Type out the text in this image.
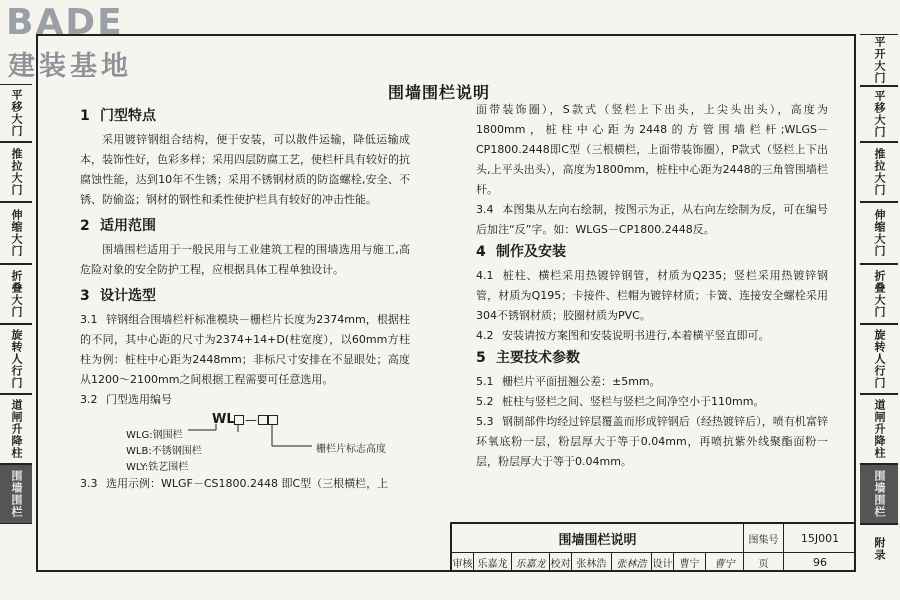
BADE
建装基地
平移大门
推拉大门
伸缩大门
折叠大门
旋转人行门
道闸升降柱
围墙围栏
围墙围栏说明
1 门型特点

采用镀锌钢组合结构，便于安装，可以散件运输，降低运输成本，装饰性好，色彩多样；采用四层防腐工艺，使栏杆具有较好的抗腐蚀性能，达到10年不生锈；采用不锈钢材质的防盗螺栓,安全、不锈、防偷盗；钢材的钢性和柔性使护栏具有较好的冲击性能。

2 适用范围

围墙围栏适用于一般民用与工业建筑工程的围墙选用与施工,高危险对象的安全防护工程，应根据具体工程单独设计。

3 设计选型

3.1 锌钢组合围墙栏杆标准模块－栅栏片长度为2374mm，根据柱的不同，其中心距的尺寸为2374+14+D(柱宽度），以60mm方柱柱为例：桩柱中心距为2448mm；非标尺寸安排在不显眼处；高度从1200～2100mm之间根据工程需要可任意选用。

3.2 门型选用编号

WL —
WLG:钢围栏
WLB:不锈钢围栏
WLY:铁艺围栏
栅栏片标志高度

3.3 选用示例：WLGF－CS1800.2448 即C型（三根横栏，上

4 制作及安装

4.1 桩柱、横栏采用热镀锌钢管，材质为Q235；竖栏采用热镀锌钢管，材质为Q195；卡接件、栏帽为镀锌材质；卡簧、连接安全螺栓采用304不锈钢材质；胶圈材质为PVC。

4.2 安装请按方案图和安装说明书进行,本着横平竖直即可。

5 主要技术参数

5.1 栅栏片平面扭翘公差：±5mm。

5.2 桩柱与竖栏之间、竖栏与竖栏之间净空小于110mm。

5.3 钢制部件均经过锌层覆盖而形成锌钢后（经热镀锌后），喷有机富锌环氧底粉一层，粉层厚大于等于0.04mm，再喷抗紫外线聚酯面粉一层，粉层厚大于等于0.04mm。

面带装饰圈），S款式（竖栏上下出头，上尖头出头），高度为1800mm，桩柱中心距为2448的方管围墙栏杆;WLGS－CP1800.2448即C型（三根横栏，上面带装饰圈），P款式（竖栏上下出头,上平头出头），高度为1800mm，桩柱中心距为2448的三角管围墙栏杆。

3.4 本图集从左向右绘制，按图示为正，从右向左绘制为反，可在编号后加注“反”字。如：WLGS－CP1800.2448反。

平开大门
平移大门
推拉大门
伸缩大门
折叠大门
旋转人行门
道闸升降柱
围墙围栏
附录
围墙围栏说明	图集号	15J001
审核 乐嘉龙 乐嘉龙 校对 张林浩	张林浩 设计 曹宁	曹宁	页	96
